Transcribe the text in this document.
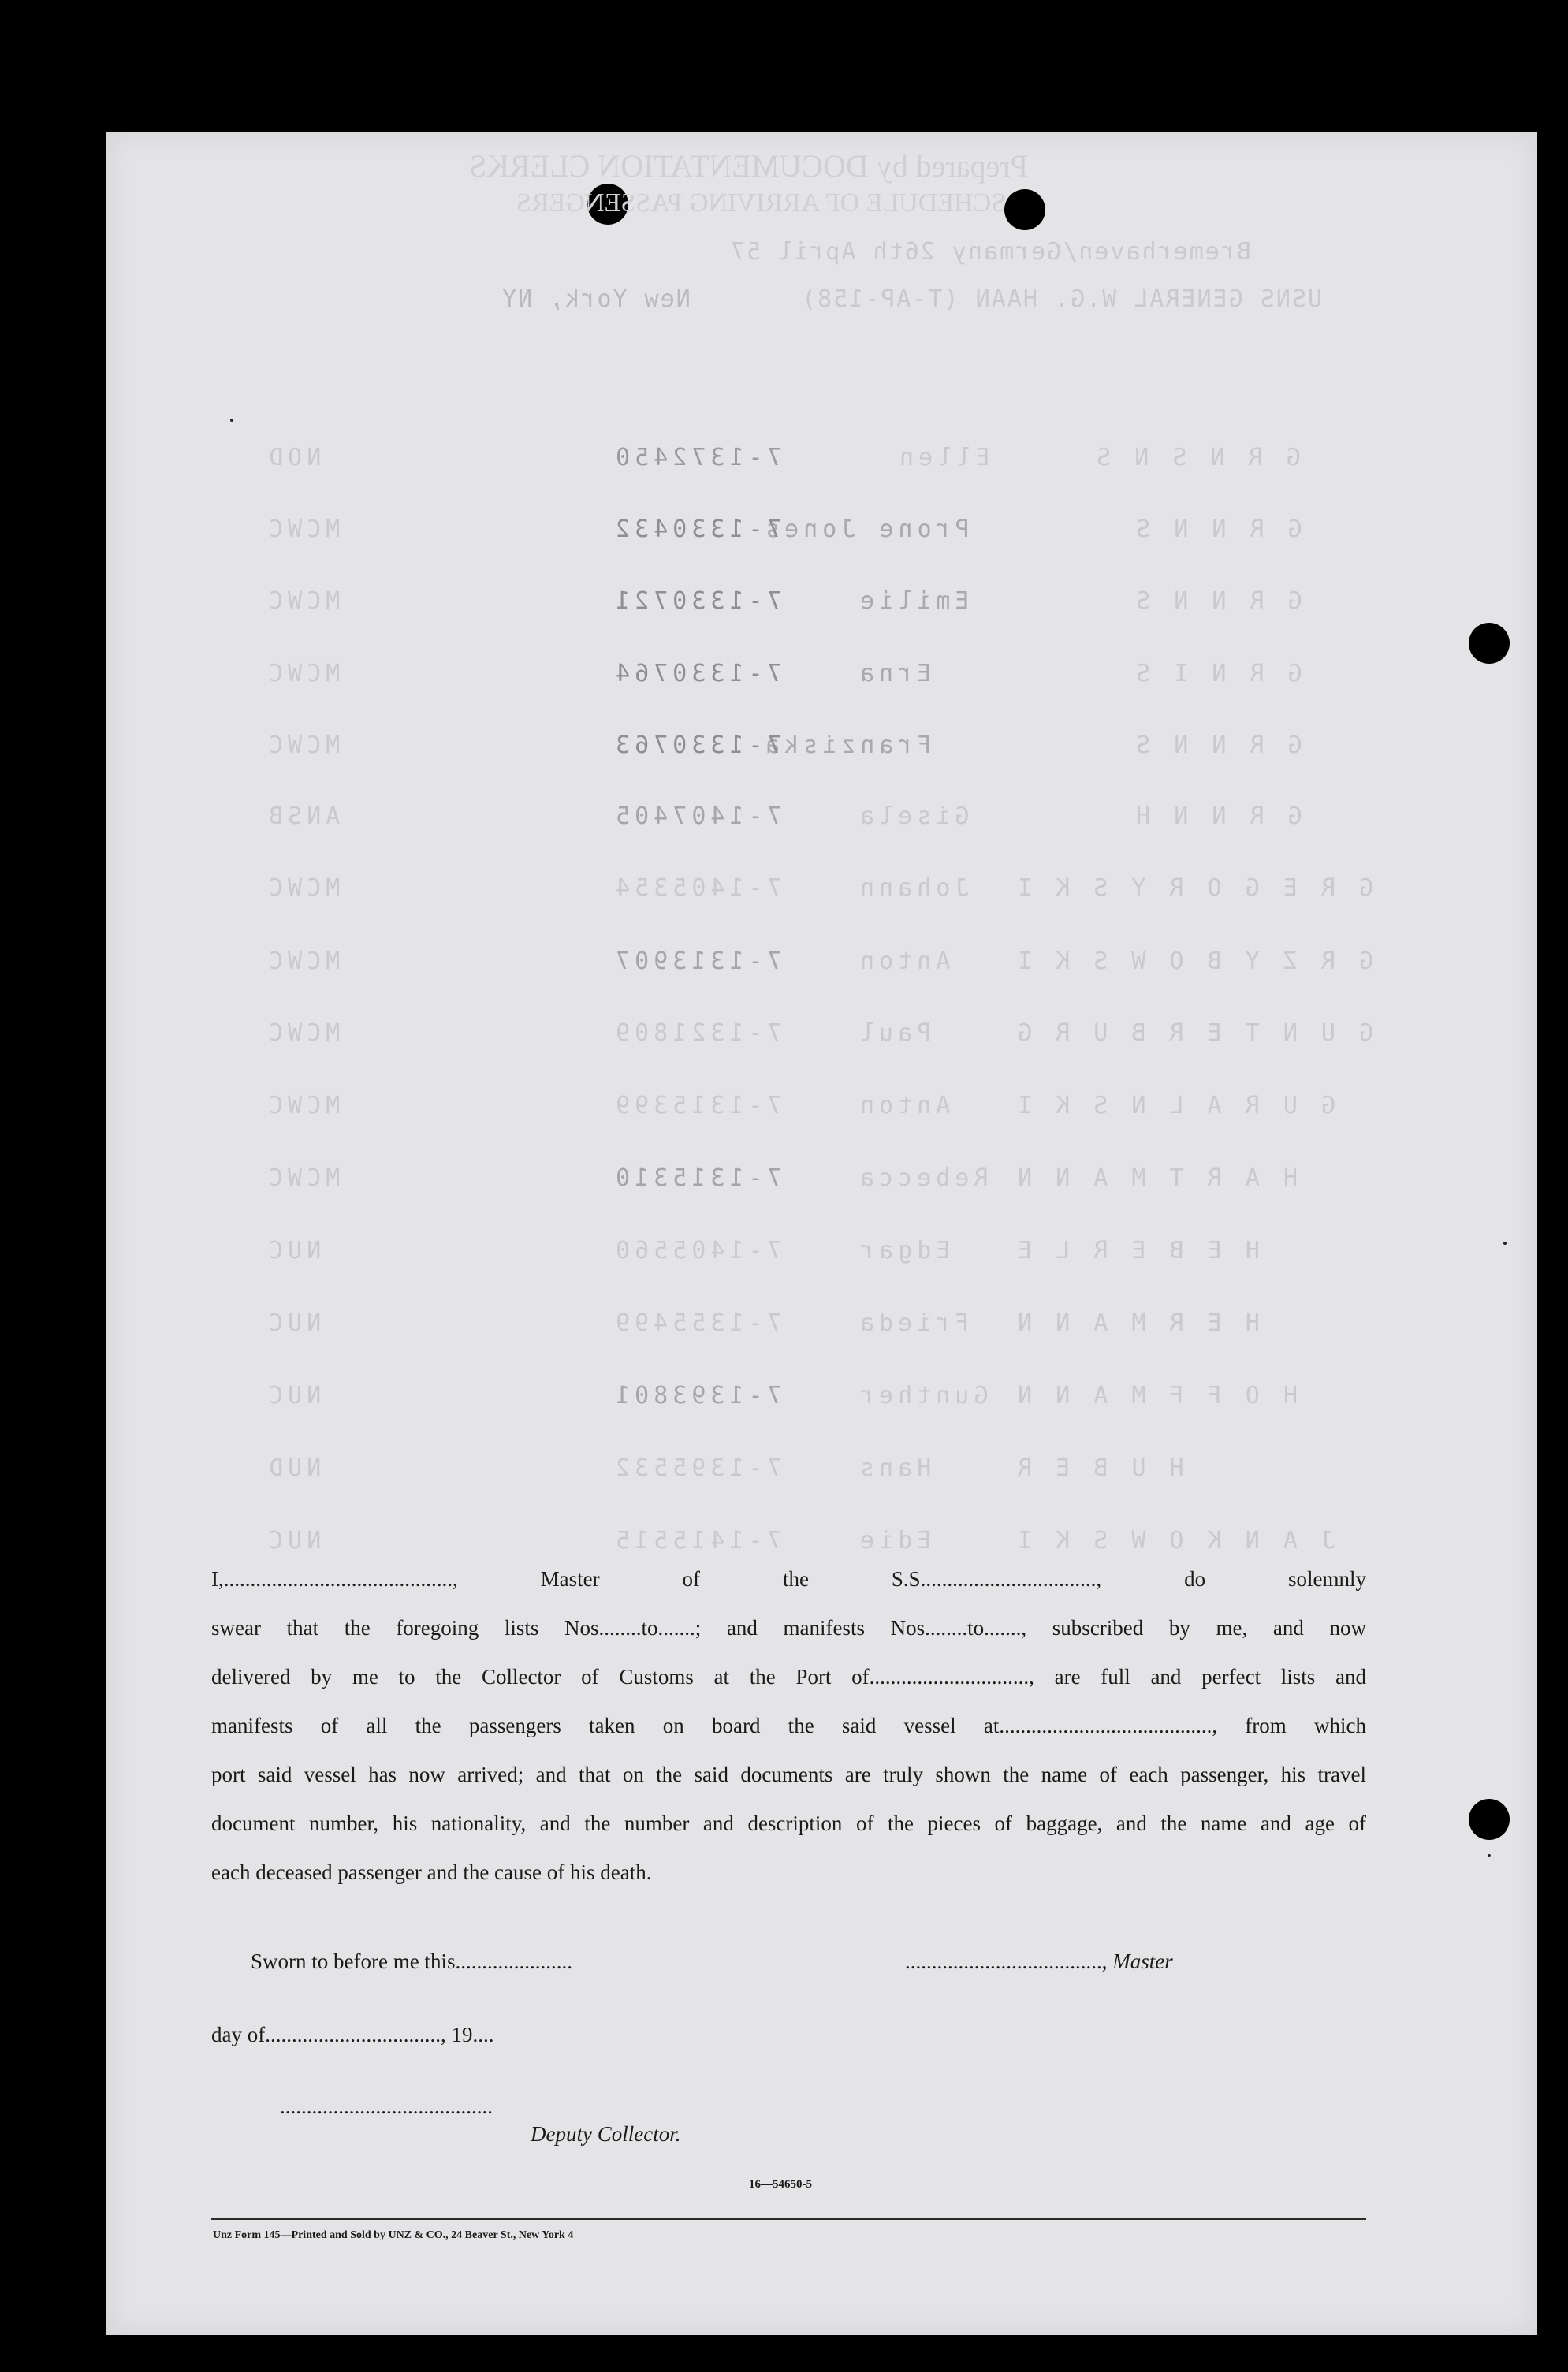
Prepared by DOCUMENTATION CLERKS
SCHEDULE OF ARRIVING PASSENGERS
Bremerhaven/Germany 26th April 57
USNS GENERAL W.G. HAAN (T-AP-158)
New York, NY
G R N S N S
Ellen
7-1372450
NOD
G R N N S
Prone Jones
7-1330432
MCWC
G R N N S
Emilie
7-1330721
MCWC
G R N I S
Erna
7-1330764
MCWC
G R N N S
Franziska
7-1330763
MCWC
G R N N H
Gisela
7-1407405
ANSB
G R E G O R Y S K I
Johann
7-1405354
MCWC
G R Z Y B O W S K I
Anton
7-1313907
MCWC
G U N T E R B U R G
Paul
7-1321809
MCWC
G U R A L N S K I
Anton
7-1315399
MCWC
H A R T M A N N
Rebecca
7-1315310
MCWC
H E B E R L E
Edgar
7-1405560
NUC
H E R M A N N
Frieda
7-1355499
NUC
H O F F M A N N
Gunther
7-1393801
NUC
H U B E R
Hans
7-1395532
NUD
J A N K O W S K I
Edie
7-1415515
NUC
I,..........................................., Master of the S.S................................., do solemnly
swear that the foregoing lists Nos........to.......; and manifests Nos........to......., subscribed by me, and now
delivered by me to the Collector of Customs at the Port of.............................., are full and perfect lists and
manifests of all the passengers taken on board the said vessel at........................................, from which
port said vessel has now arrived; and that on the said documents are truly shown the name of each passenger, his travel
document number, his nationality, and the number and description of the pieces of baggage, and the name and age of
each deceased passenger and the cause of his death.
Sworn to before me this......................	....................................., Master
day of................................., 19....
........................................
Deputy Collector.
16—54650-5
Unz Form 145—Printed and Sold by UNZ & CO., 24 Beaver St., New York 4
